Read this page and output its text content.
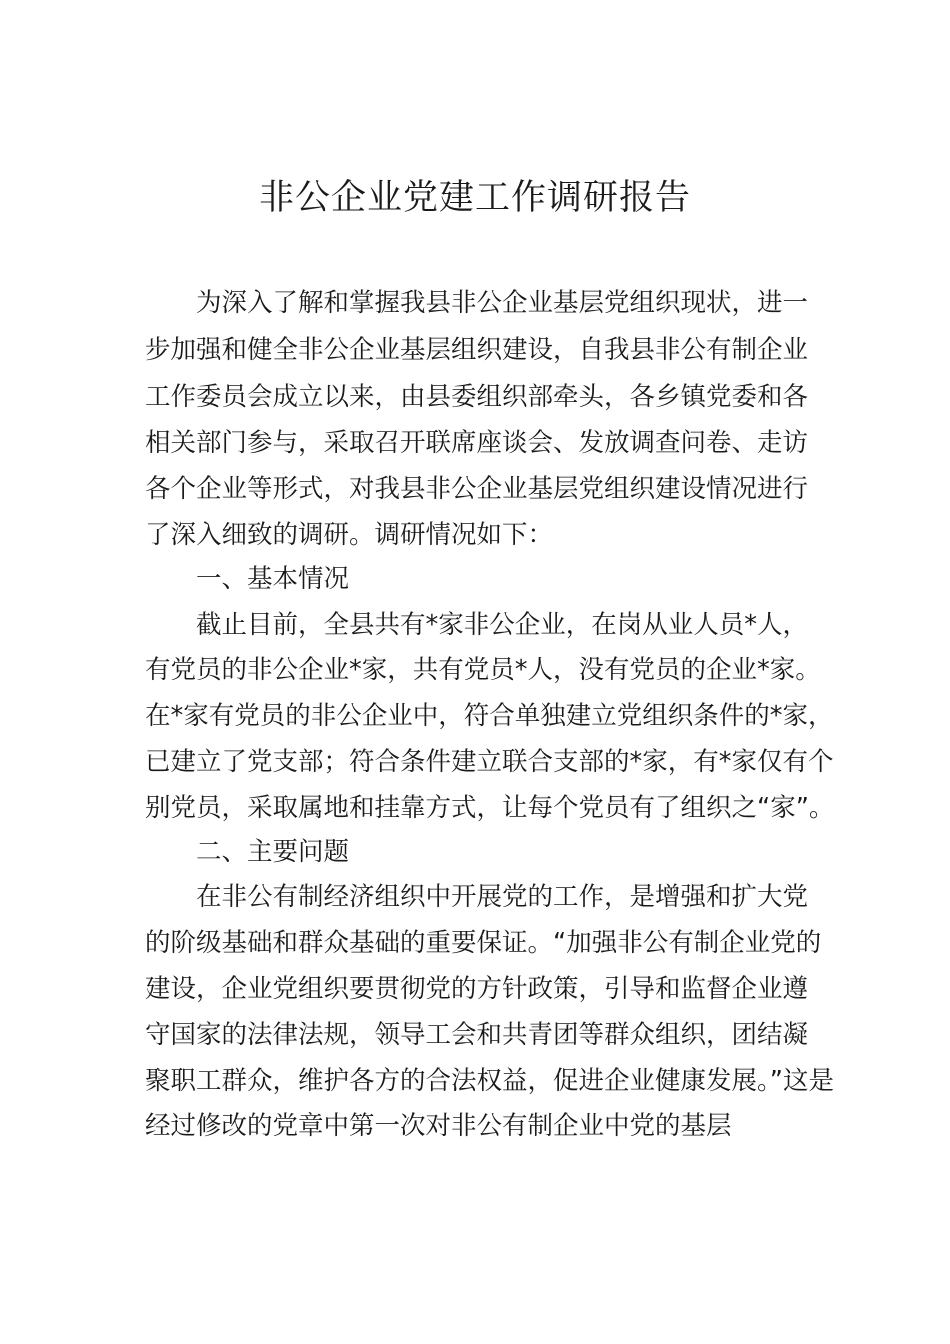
非公企业党建工作调研报告

为深入了解和掌握我县非公企业基层党组织现状，进一

步加强和健全非公企业基层组织建设，自我县非公有制企业

工作委员会成立以来，由县委组织部牵头，各乡镇党委和各

相关部门参与，采取召开联席座谈会、发放调查问卷、走访

各个企业等形式，对我县非公企业基层党组织建设情况进行

了深入细致的调研。调研情况如下：

一、基本情况

截止目前，全县共有*家非公企业，在岗从业人员*人，

有党员的非公企业*家，共有党员*人，没有党员的企业*家。

在*家有党员的非公企业中，符合单独建立党组织条件的*家，

已建立了党支部；符合条件建立联合支部的*家，有*家仅有个

别党员，采取属地和挂靠方式，让每个党员有了组织之“家”。

二、主要问题

在非公有制经济组织中开展党的工作，是增强和扩大党

的阶级基础和群众基础的重要保证。“加强非公有制企业党的

建设，企业党组织要贯彻党的方针政策，引导和监督企业遵

守国家的法律法规，领导工会和共青团等群众组织，团结凝

聚职工群众，维护各方的合法权益，促进企业健康发展。”这是

经过修改的党章中第一次对非公有制企业中党的基层
